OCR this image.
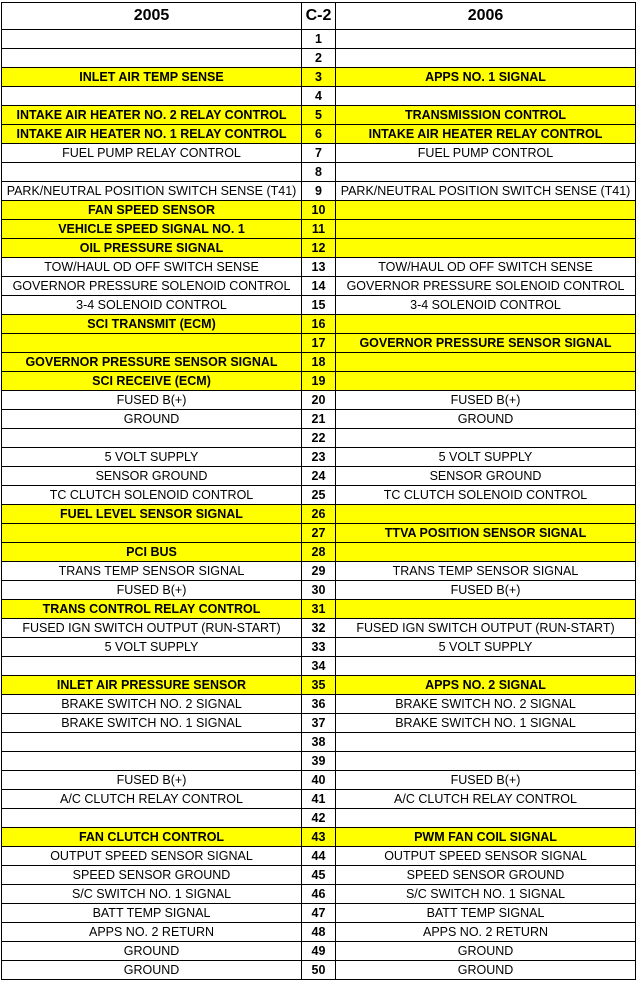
2005	C-2	2006
	1	
	2	
INLET AIR TEMP SENSE	3	APPS NO. 1 SIGNAL
	4	
INTAKE AIR HEATER NO. 2 RELAY CONTROL	5	TRANSMISSION CONTROL
INTAKE AIR HEATER NO. 1 RELAY CONTROL	6	INTAKE AIR HEATER RELAY CONTROL
FUEL PUMP RELAY CONTROL	7	FUEL PUMP CONTROL
	8	
PARK/NEUTRAL POSITION SWITCH SENSE (T41)	9	PARK/NEUTRAL POSITION SWITCH SENSE (T41)
FAN SPEED SENSOR	10	
VEHICLE SPEED SIGNAL NO. 1	11	
OIL PRESSURE SIGNAL	12	
TOW/HAUL OD OFF SWITCH SENSE	13	TOW/HAUL OD OFF SWITCH SENSE
GOVERNOR PRESSURE SOLENOID CONTROL	14	GOVERNOR PRESSURE SOLENOID CONTROL
3-4 SOLENOID CONTROL	15	3-4 SOLENOID CONTROL
SCI TRANSMIT (ECM)	16	
	17	GOVERNOR PRESSURE SENSOR SIGNAL
GOVERNOR PRESSURE SENSOR SIGNAL	18	
SCI RECEIVE (ECM)	19	
FUSED B(+)	20	FUSED B(+)
GROUND	21	GROUND
	22	
5 VOLT SUPPLY	23	5 VOLT SUPPLY
SENSOR GROUND	24	SENSOR GROUND
TC CLUTCH SOLENOID CONTROL	25	TC CLUTCH SOLENOID CONTROL
FUEL LEVEL SENSOR SIGNAL	26	
	27	TTVA POSITION SENSOR SIGNAL
PCI BUS	28	
TRANS TEMP SENSOR SIGNAL	29	TRANS TEMP SENSOR SIGNAL
FUSED B(+)	30	FUSED B(+)
TRANS CONTROL RELAY CONTROL	31	
FUSED IGN SWITCH OUTPUT (RUN-START)	32	FUSED IGN SWITCH OUTPUT (RUN-START)
5 VOLT SUPPLY	33	5 VOLT SUPPLY
	34	
INLET AIR PRESSURE SENSOR	35	APPS NO. 2 SIGNAL
BRAKE SWITCH NO. 2 SIGNAL	36	BRAKE SWITCH NO. 2 SIGNAL
BRAKE SWITCH NO. 1 SIGNAL	37	BRAKE SWITCH NO. 1 SIGNAL
	38	
	39	
FUSED B(+)	40	FUSED B(+)
A/C CLUTCH RELAY CONTROL	41	A/C CLUTCH RELAY CONTROL
	42	
FAN CLUTCH CONTROL	43	PWM FAN COIL SIGNAL
OUTPUT SPEED SENSOR SIGNAL	44	OUTPUT SPEED SENSOR SIGNAL
SPEED SENSOR GROUND	45	SPEED SENSOR GROUND
S/C SWITCH NO. 1 SIGNAL	46	S/C SWITCH NO. 1 SIGNAL
BATT TEMP SIGNAL	47	BATT TEMP SIGNAL
APPS NO. 2 RETURN	48	APPS NO. 2 RETURN
GROUND	49	GROUND
GROUND	50	GROUND
